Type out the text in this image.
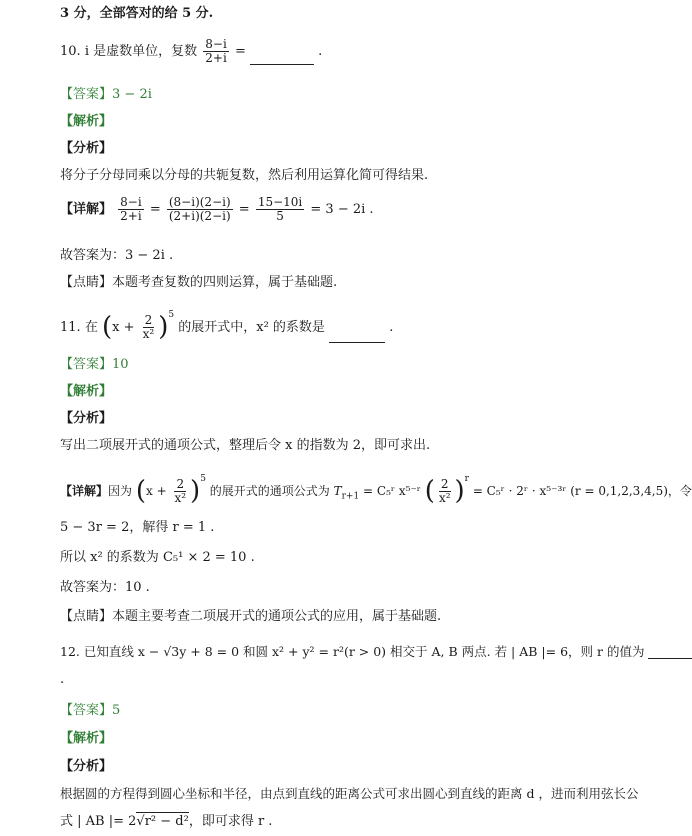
3 分，全部答对的给 5 分.
10. i 是虚数单位，复数 $\frac{8-i}{2+i}$ =	.
【答案】3 − 2i
【解析】
【分析】
将分子分母同乘以分母的共轭复数，然后利用运算化简可得结果.
【详解】 $\frac{8-i}{2+i} = \frac{(8-i)(2-i)}{(2+i)(2-i)} = \frac{15-10i}{5} = 3 - 2i$ .
故答案为：3 − 2i .
【点睛】本题考查复数的四则运算，属于基础题.
11. 在 $(x + \frac{2}{\text{x²}} )^5$ 的展开式中，x² 的系数是	.
【答案】10
【解析】
【分析】
写出二项展开式的通项公式，整理后令 x 的指数为 2，即可求出.
【详解】因为 $(x + \frac{2}{\text{x²}} )^5$ 的展开式的通项公式为 $T_{r+1}$ = C₅ʳ x⁵⁻ʳ ( $\frac{2}{\text{x²}} )^r$ = C₅ʳ · 2ʳ · x⁵⁻³ʳ (r = 0,1,2,3,4,5)，令
5 − 3r = 2，解得 r = 1 .
所以 x² 的系数为 C₅¹ × 2 = 10 .
故答案为：10 .
【点睛】本题主要考查二项展开式的通项公式的应用，属于基础题.
12. 已知直线 x − √3y + 8 = 0 和圆 x² + y² = r²(r > 0) 相交于 A, B 两点. 若 | AB |= 6，则 r 的值为
.
【答案】5
【解析】
【分析】
根据圆的方程得到圆心坐标和半径，由点到直线的距离公式可求出圆心到直线的距离 d ，进而利用弦长公
式 | AB |= 2√r² − d²，即可求得 r .
